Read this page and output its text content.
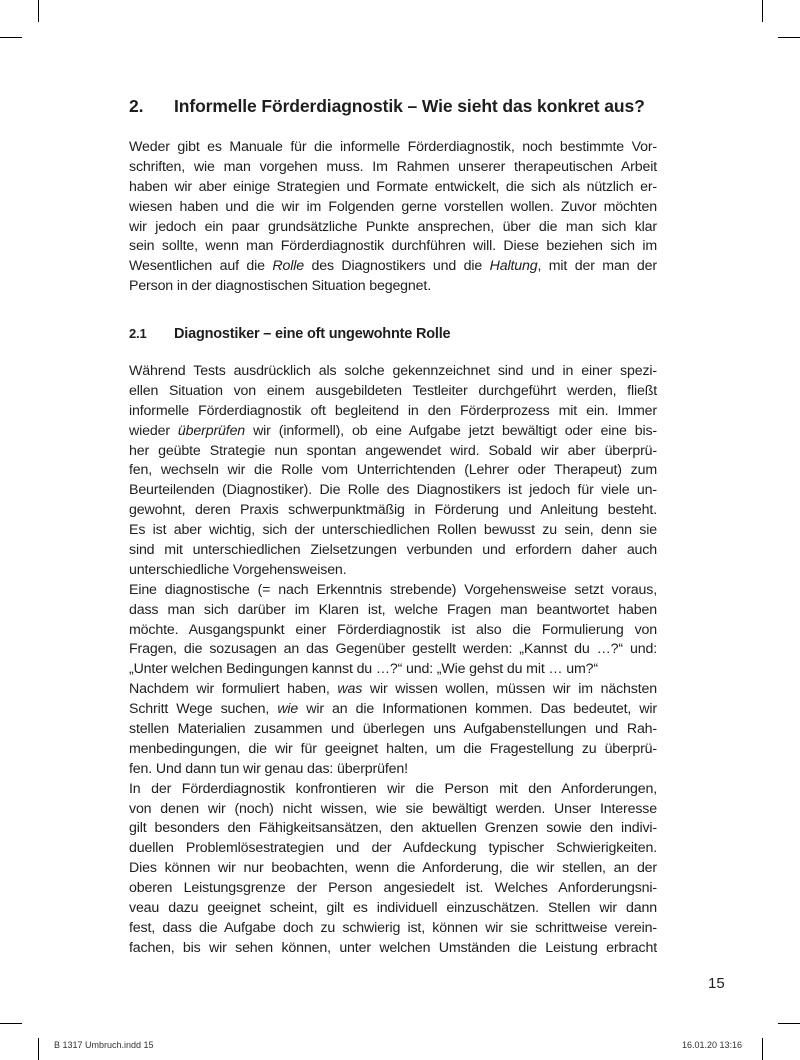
2. Informelle Förderdiagnostik – Wie sieht das konkret aus?
Weder gibt es Manuale für die informelle Förderdiagnostik, noch bestimmte Vor-
schriften, wie man vorgehen muss. Im Rahmen unserer therapeutischen Arbeit
haben wir aber einige Strategien und Formate entwickelt, die sich als nützlich er-
wiesen haben und die wir im Folgenden gerne vorstellen wollen. Zuvor möchten
wir jedoch ein paar grundsätzliche Punkte ansprechen, über die man sich klar
sein sollte, wenn man Förderdiagnostik durchführen will. Diese beziehen sich im
Wesentlichen auf die Rolle des Diagnostikers und die Haltung, mit der man der
Person in der diagnostischen Situation begegnet.
2.1 Diagnostiker – eine oft ungewohnte Rolle
Während Tests ausdrücklich als solche gekennzeichnet sind und in einer spezi-
ellen Situation von einem ausgebildeten Testleiter durchgeführt werden, fließt
informelle Förderdiagnostik oft begleitend in den Förderprozess mit ein. Immer
wieder überprüfen wir (informell), ob eine Aufgabe jetzt bewältigt oder eine bis-
her geübte Strategie nun spontan angewendet wird. Sobald wir aber überprü-
fen, wechseln wir die Rolle vom Unterrichtenden (Lehrer oder Therapeut) zum
Beurteilenden (Diagnostiker). Die Rolle des Diagnostikers ist jedoch für viele un-
gewohnt, deren Praxis schwerpunktmäßig in Förderung und Anleitung besteht.
Es ist aber wichtig, sich der unterschiedlichen Rollen bewusst zu sein, denn sie
sind mit unterschiedlichen Zielsetzungen verbunden und erfordern daher auch
unterschiedliche Vorgehensweisen.
Eine diagnostische (= nach Erkenntnis strebende) Vorgehensweise setzt voraus,
dass man sich darüber im Klaren ist, welche Fragen man beantwortet haben
möchte. Ausgangspunkt einer Förderdiagnostik ist also die Formulierung von
Fragen, die sozusagen an das Gegenüber gestellt werden: „Kannst du …?“ und:
„Unter welchen Bedingungen kannst du …?“ und: „Wie gehst du mit … um?“
Nachdem wir formuliert haben, was wir wissen wollen, müssen wir im nächsten
Schritt Wege suchen, wie wir an die Informationen kommen. Das bedeutet, wir
stellen Materialien zusammen und überlegen uns Aufgabenstellungen und Rah-
menbedingungen, die wir für geeignet halten, um die Fragestellung zu überprü-
fen. Und dann tun wir genau das: überprüfen!
In der Förderdiagnostik konfrontieren wir die Person mit den Anforderungen,
von denen wir (noch) nicht wissen, wie sie bewältigt werden. Unser Interesse
gilt besonders den Fähigkeitsansätzen, den aktuellen Grenzen sowie den indivi-
duellen Problemlösestrategien und der Aufdeckung typischer Schwierigkeiten.
Dies können wir nur beobachten, wenn die Anforderung, die wir stellen, an der
oberen Leistungsgrenze der Person angesiedelt ist. Welches Anforderungsni-
veau dazu geeignet scheint, gilt es individuell einzuschätzen. Stellen wir dann
fest, dass die Aufgabe doch zu schwierig ist, können wir sie schrittweise verein-
fachen, bis wir sehen können, unter welchen Umständen die Leistung erbracht
15
B 1317 Umbruch.indd 15	16.01.20 13:16
